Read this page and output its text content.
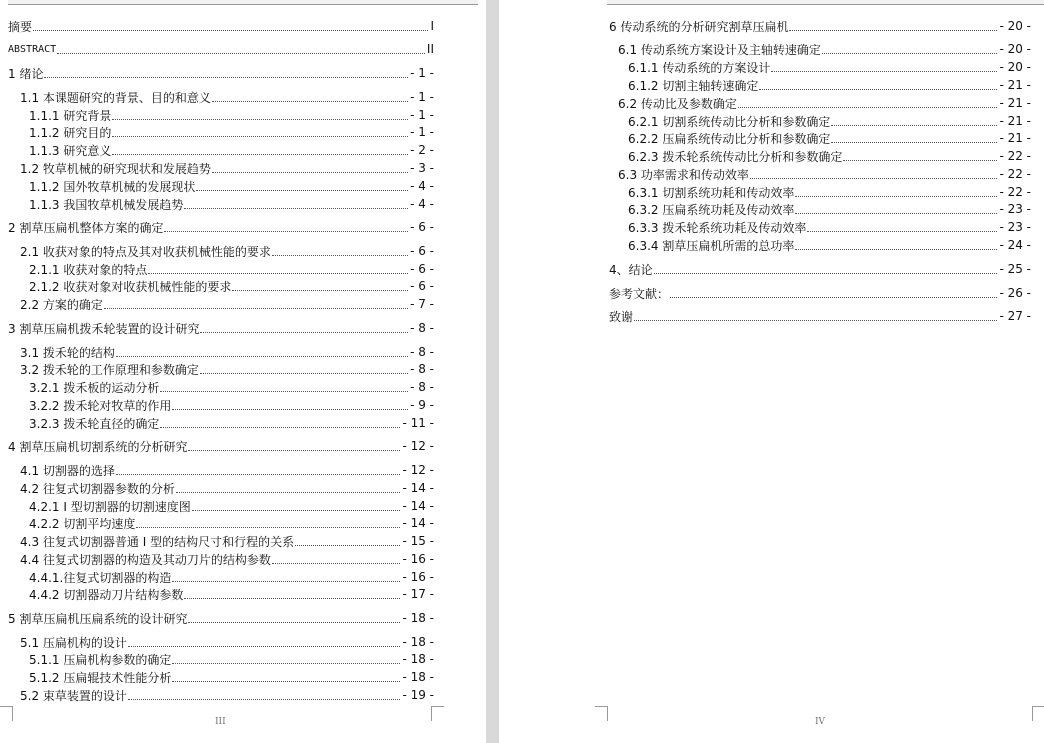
摘要	I
ABSTRACT	II
1 绪论	- 1 -
1.1 本课题研究的背景、目的和意义	- 1 -
1.1.1 研究背景	- 1 -
1.1.2 研究目的	- 1 -
1.1.3 研究意义	- 2 -
1.2 牧草机械的研究现状和发展趋势	- 3 -
1.1.2 国外牧草机械的发展现状	- 4 -
1.1.3 我国牧草机械发展趋势	- 4 -
2 割草压扁机整体方案的确定	- 6 -
2.1 收获对象的特点及其对收获机械性能的要求	- 6 -
2.1.1 收获对象的特点	- 6 -
2.1.2 收获对象对收获机械性能的要求	- 6 -
2.2 方案的确定	- 7 -
3 割草压扁机拨禾轮装置的设计研究	- 8 -
3.1 拨禾轮的结构	- 8 -
3.2 拨禾轮的工作原理和参数确定	- 8 -
3.2.1 拨禾板的运动分析	- 8 -
3.2.2 拨禾轮对牧草的作用	- 9 -
3.2.3 拨禾轮直径的确定	- 11 -
4 割草压扁机切割系统的分析研究	- 12 -
4.1 切割器的选择	- 12 -
4.2 往复式切割器参数的分析	- 14 -
4.2.1 I 型切割器的切割速度图	- 14 -
4.2.2 切割平均速度	- 14 -
4.3 往复式切割器普通 I 型的结构尺寸和行程的关系	- 15 -
4.4 往复式切割器的构造及其动刀片的结构参数	- 16 -
4.4.1.往复式切割器的构造	- 16 -
4.4.2 切割器动刀片结构参数	- 17 -
5 割草压扁机压扁系统的设计研究	- 18 -
5.1 压扁机构的设计	- 18 -
5.1.1 压扁机构参数的确定	- 18 -
5.1.2 压扁辊技术性能分析	- 18 -
5.2 束草装置的设计	- 19 -
III
6 传动系统的分析研究割草压扁机	- 20 -
6.1 传动系统方案设计及主轴转速确定	- 20 -
6.1.1 传动系统的方案设计	- 20 -
6.1.2 切割主轴转速确定	- 21 -
6.2 传动比及参数确定	- 21 -
6.2.1 切割系统传动比分析和参数确定	- 21 -
6.2.2 压扁系统传动比分析和参数确定	- 21 -
6.2.3 拨禾轮系统传动比分析和参数确定	- 22 -
6.3 功率需求和传动效率	- 22 -
6.3.1 切割系统功耗和传动效率	- 22 -
6.3.2 压扁系统功耗及传动效率	- 23 -
6.3.3 拨禾轮系统功耗及传动效率	- 23 -
6.3.4 割草压扁机所需的总功率	- 24 -
4、结论	- 25 -
参考文献：	- 26 -
致谢	- 27 -
IV
